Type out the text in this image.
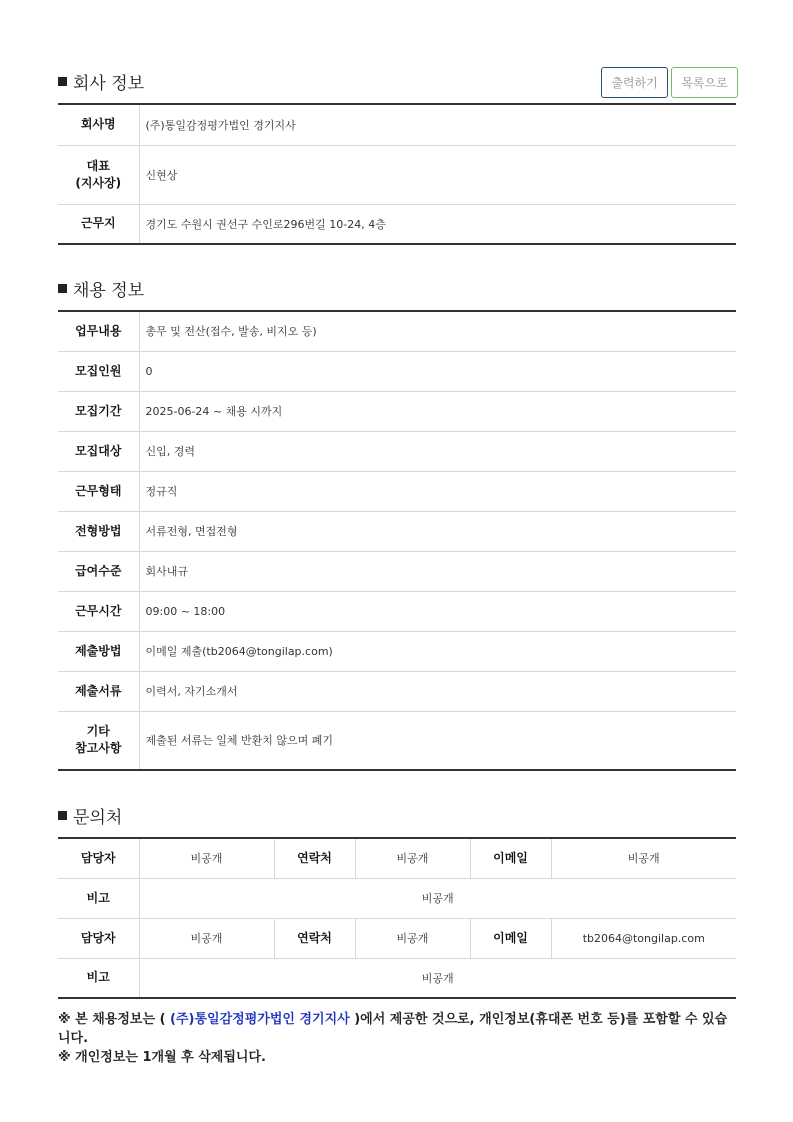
회사 정보	출력하기	목록으로
회사명	(주)통일감정평가법인 경기지사
대표
(지사장)	신현상
근무지	경기도 수원시 권선구 수인로296번길 10-24, 4층
채용 정보
업무내용	총무 및 전산(접수, 발송, 비지오 등)
모집인원	0
모집기간	2025-06-24 ~ 채용 시까지
모집대상	신입, 경력
근무형태	정규직
전형방법	서류전형, 면접전형
급여수준	회사내규
근무시간	09:00 ~ 18:00
제출방법	이메일 제출(tb2064@tongilap.com)
제출서류	이력서, 자기소개서
기타
참고사항	제출된 서류는 일체 반환치 않으며 폐기
문의처
담당자	비공개	연락처	비공개	이메일	비공개
비고	비공개				
담당자	비공개	연락처	비공개	이메일	tb2064@tongilap.com
비고	비공개				
※ 본 채용정보는 ( (주)통일감정평가법인 경기지사 )에서 제공한 것으로, 개인정보(휴대폰 번호 등)를 포함할 수 있습니다.
※ 개인정보는 1개월 후 삭제됩니다.
